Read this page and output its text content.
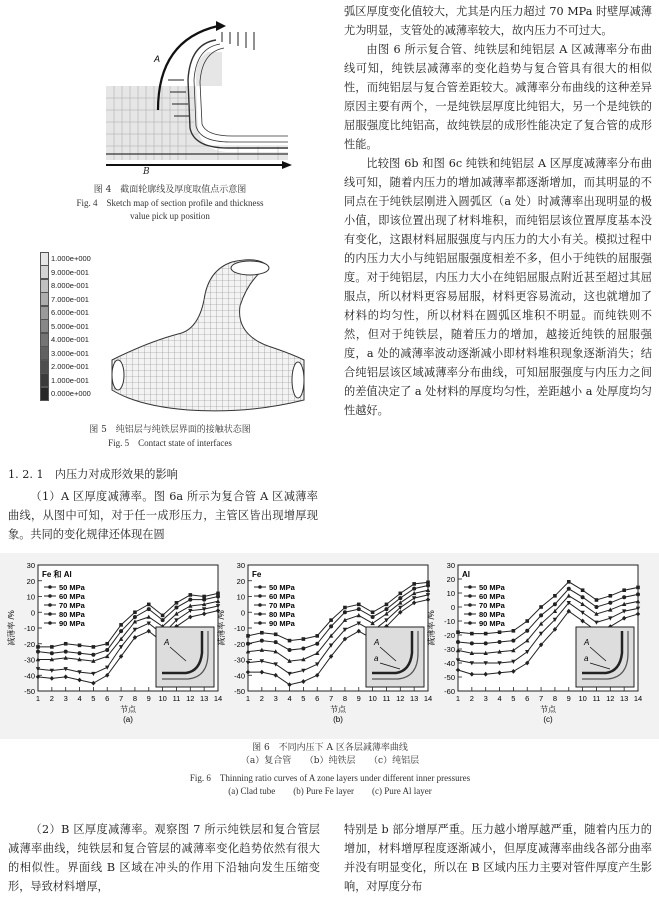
A
B
图 4　截面轮廓线及厚度取值点示意图
Fig. 4　Sketch map of section profile and thickness
value pick up position
1.000e+000
9.000e-001
8.000e-001
7.000e-001
6.000e-001
5.000e-001
4.000e-001
3.000e-001
2.000e-001
1.000e-001
0.000e+000
图 5　纯铝层与纯铁层界面的接触状态图
Fig. 5　Contact state of interfaces
1. 2. 1　内压力对成形效果的影响

（1）A 区厚度减薄率。图 6a 所示为复合管 A 区减薄率曲线，从图中可知，对于任一成形压力，主管区皆出现增厚现象。共同的变化规律还体现在圆

弧区厚度变化值较大，尤其是内压力超过 70 MPa 时壁厚减薄尤为明显，支管处的减薄率较大，故内压力不可过大。

由图 6 所示复合管、纯铁层和纯铝层 A 区减薄率分布曲线可知，纯铁层减薄率的变化趋势与复合管具有很大的相似性，而纯铝层与复合管差距较大。减薄率分布曲线的这种差异原因主要有两个，一是纯铁层厚度比纯铝大，另一个是纯铁的屈服强度比纯铝高，故纯铁层的成形性能决定了复合管的成形性能。

比较图 6b 和图 6c 纯铁和纯铝层 A 区厚度减薄率分布曲线可知，随着内压力的增加减薄率都逐渐增加，而其明显的不同点在于纯铁层刚进入圆弧区（a 处）时减薄率出现明显的极小值，即该位置出现了材料堆积，而纯铝层该位置厚度基本没有变化，这跟材料屈服强度与内压力的大小有关。模拟过程中的内压力大小与纯铝屈服强度相差不多，但小于纯铁的屈服强度。对于纯铝层，内压力大小在纯铝屈服点附近甚至超过其屈服点，所以材料更容易屈服，材料更容易流动，这也就增加了材料的均匀性，所以材料在圆弧区堆积不明显。而纯铁则不然，但对于纯铁层，随着压力的增加，越接近纯铁的屈服强度，a 处的减薄率波动逐渐减小即材料堆积现象逐渐消失；结合纯铝层该区域减薄率分布曲线，可知屈服强度与内压力之间的差值决定了 a 处材料的厚度均匀性，差距越小 a 处厚度均匀性越好。

-50
-40
-30
-20
-10
0
10
20
30
1 2 3 4 5 6 7 8 9 10 11 12 13 14
减薄率 /%
节点
(a)
Fe 和 Al
50 MPa
60 MPa
70 MPa
80 MPa
90 MPa
A
-50
-40
-30
-20
-10
0
10
20
30
1 2 3 4 5 6 7 8 9 10 11 12 13 14
减薄率 /%
节点
(b)
Fe
50 MPa
60 MPa
70 MPa
80 MPa
90 MPa
A
a
-60
-50
-40
-30
-20
-10
0
10
20
30
1 2 3 4 5 6 7 8 9 10 11 12 13 14
减薄率 /%
节点
(c)
Al
50 MPa
60 MPa
70 MPa
80 MPa
90 MPa
A
a
图 6　不同内压下 A 区各层减薄率曲线
（a）复合管　　（b）纯铁层　　（c）纯铝层
Fig. 6　Thinning ratio curves of A zone layers under different inner pressures
(a) Clad tube　　(b) Pure Fe layer　　(c) Pure Al layer

（2）B 区厚度减薄率。观察图 7 所示纯铁层和复合管层减薄率曲线，纯铁层和复合管层的减薄率变化趋势依然有很大的相似性。界面线 B 区域在冲头的作用下沿轴向发生压缩变形，导致材料增厚，

特别是 b 部分增厚严重。压力越小增厚越严重，随着内压力的增加，材料增厚程度逐渐减小，但厚度减薄率曲线各部分曲率并没有明显变化，所以在 B 区域内压力主要对管件厚度产生影响，对厚度分布
